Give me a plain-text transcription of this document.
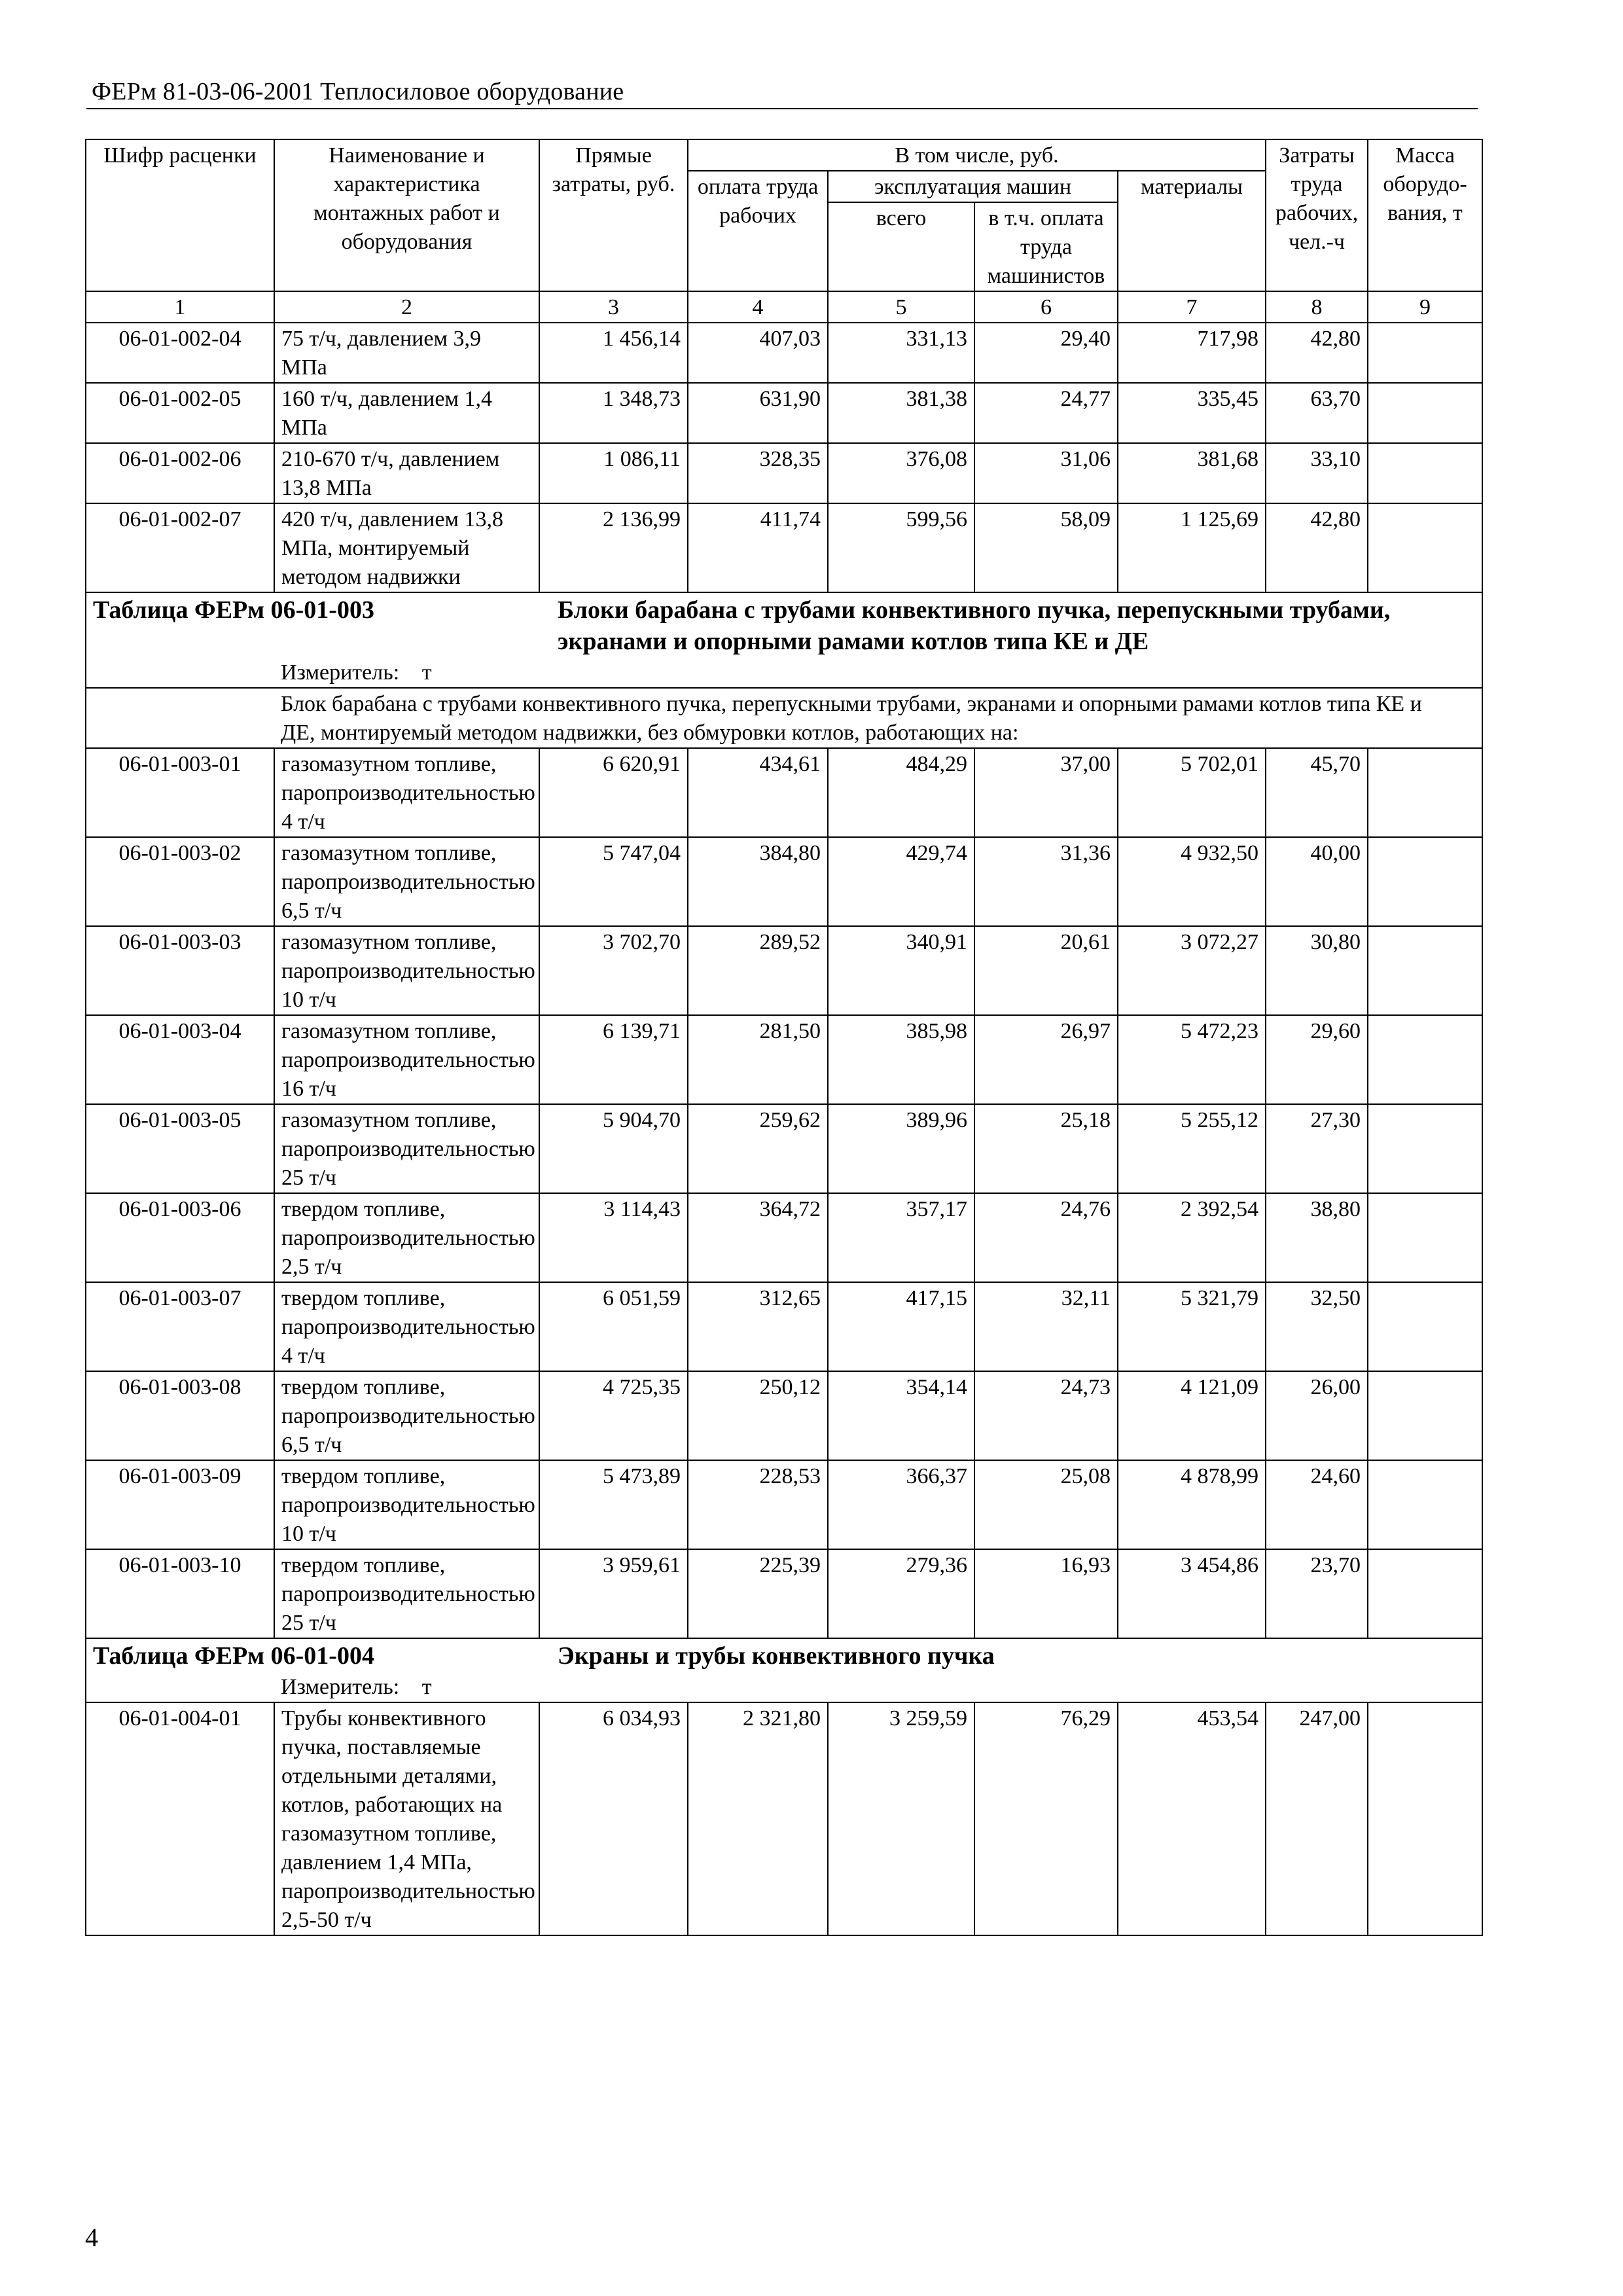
ФЕРм 81-03-06-2001 Теплосиловое оборудование
Шифр расценки	Наименование и характеристика монтажных работ и оборудования	Прямые затраты, руб.	В том числе, руб.				Затраты труда рабочих, чел.-ч	Масса оборудо-вания, т
			оплата труда рабочих	эксплуатация машин		материалы		
				всего	в т.ч. оплата труда машинистов			
1	2	3	4	5	6	7	8	9
06-01-002-04	75 т/ч, давлением 3,9 МПа	1 456,14	407,03	331,13	29,40	717,98	42,80	
06-01-002-05	160 т/ч, давлением 1,4 МПа	1 348,73	631,90	381,38	24,77	335,45	63,70	
06-01-002-06	210-670 т/ч, давлением 13,8 МПа	1 086,11	328,35	376,08	31,06	381,68	33,10	
06-01-002-07	420 т/ч, давлением 13,8 МПа, монтируемый методом надвижки	2 136,99	411,74	599,56	58,09	1 125,69	42,80	
Таблица ФЕРм 06-01-003		Блоки барабана с трубами конвективного пучка, перепускными трубами, экранами и опорными рамами котлов типа КЕ и ДЕ						
	Измеритель: т							
	Блок барабана с трубами конвективного пучка, перепускными трубами, экранами и опорными рамами котлов типа КЕ и ДЕ, монтируемый методом надвижки, без обмуровки котлов, работающих на:							
06-01-003-01	газомазутном топливе, паропроизводительностью 4 т/ч	6 620,91	434,61	484,29	37,00	5 702,01	45,70	
06-01-003-02	газомазутном топливе, паропроизводительностью 6,5 т/ч	5 747,04	384,80	429,74	31,36	4 932,50	40,00	
06-01-003-03	газомазутном топливе, паропроизводительностью 10 т/ч	3 702,70	289,52	340,91	20,61	3 072,27	30,80	
06-01-003-04	газомазутном топливе, паропроизводительностью 16 т/ч	6 139,71	281,50	385,98	26,97	5 472,23	29,60	
06-01-003-05	газомазутном топливе, паропроизводительностью 25 т/ч	5 904,70	259,62	389,96	25,18	5 255,12	27,30	
06-01-003-06	твердом топливе, паропроизводительностью 2,5 т/ч	3 114,43	364,72	357,17	24,76	2 392,54	38,80	
06-01-003-07	твердом топливе, паропроизводительностью 4 т/ч	6 051,59	312,65	417,15	32,11	5 321,79	32,50	
06-01-003-08	твердом топливе, паропроизводительностью 6,5 т/ч	4 725,35	250,12	354,14	24,73	4 121,09	26,00	
06-01-003-09	твердом топливе, паропроизводительностью 10 т/ч	5 473,89	228,53	366,37	25,08	4 878,99	24,60	
06-01-003-10	твердом топливе, паропроизводительностью 25 т/ч	3 959,61	225,39	279,36	16,93	3 454,86	23,70	
Таблица ФЕРм 06-01-004		Экраны и трубы конвективного пучка						
	Измеритель: т							
06-01-004-01	Трубы конвективного пучка, поставляемые отдельными деталями, котлов, работающих на газомазутном топливе, давлением 1,4 МПа, паропроизводительностью 2,5-50 т/ч	6 034,93	2 321,80	3 259,59	76,29	453,54	247,00	
4
